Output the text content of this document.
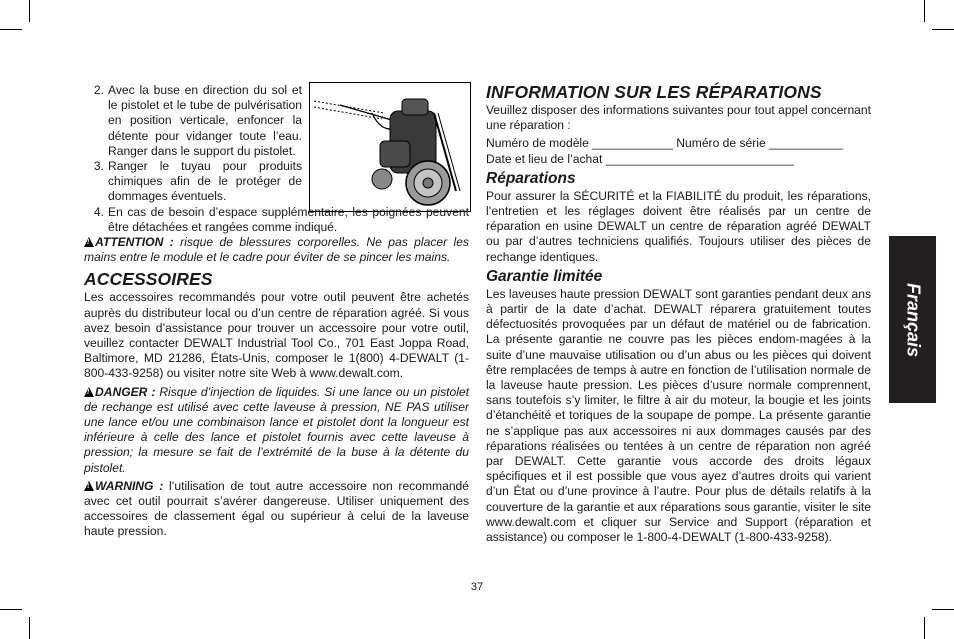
2. Avec la buse en direction du sol et le pistolet et le tube de pulvérisation en position verticale, enfoncer la détente pour vidanger toute l’eau. Ranger dans le support du pistolet.
3. Ranger le tuyau pour produits chimiques afin de le protéger de dommages éventuels.
4. En cas de besoin d’espace supplémentaire, les poignées peuvent être détachées et rangées comme indiqué.

!ATTENTION : risque de blessures corporelles. Ne pas placer les mains entre le module et le cadre pour éviter de se pincer les mains.

ACCESSOIRES

Les accessoires recommandés pour votre outil peuvent être achetés auprès du distributeur local ou d’un centre de réparation agréé. Si vous avez besoin d’assistance pour trouver un accessoire pour votre outil, veuillez contacter DEWALT Industrial Tool Co., 701 East Joppa Road, Baltimore, MD 21286, États-Unis, composer le 1(800) 4-DEWALT (1-800-433-9258) ou visiter notre site Web à www.dewalt.com.

!DANGER : Risque d’injection de liquides. Si une lance ou un pistolet de rechange est utilisé avec cette laveuse à pression, NE PAS utiliser une lance et/ou une combinaison lance et pistolet dont la longueur est inférieure à celle des lance et pistolet fournis avec cette laveuse à pression; la mesure se fait de l’extrémité de la buse à la détente du pistolet.

!WARNING : l’utilisation de tout autre accessoire non recommandé avec cet outil pourrait s’avérer dangereuse. Utiliser uniquement des accessoires de classement égal ou supérieur à celui de la laveuse haute pression.

INFORMATION SUR LES RÉPARATIONS

Veuillez disposer des informations suivantes pour tout appel concernant une réparation :

Numéro de modèle ____________ Numéro de série ___________

Date et lieu de l’achat ____________________________

Réparations

Pour assurer la SÉCURITÉ et la FIABILITÉ du produit, les réparations, l’entretien et les réglages doivent être réalisés par un centre de réparation en usine DEWALT un centre de réparation agréé DEWALT ou par d’autres techniciens qualifiés. Toujours utiliser des pièces de rechange identiques.

Garantie limitée

Les laveuses haute pression DEWALT sont garanties pendant deux ans à partir de la date d’achat. DEWALT réparera gratuitement toutes défectuosités provoquées par un défaut de matériel ou de fabrication. La présente garantie ne couvre pas les pièces endom-magées à la suite d’une mauvaise utilisation ou d’un abus ou les pièces qui doivent être remplacées de temps à autre en fonction de l’utilisation normale de la laveuse haute pression. Les pièces d’usure normale comprennent, sans toutefois s’y limiter, le filtre à air du moteur, la bougie et les joints d’étanchéité et toriques de la soupape de pompe. La présente garantie ne s’applique pas aux accessoires ni aux dommages causés par des réparations réalisées ou tentées à un centre de réparation non agréé par DEWALT. Cette garantie vous accorde des droits légaux spécifiques et il est possible que vous ayez d’autres droits qui varient d’un État ou d’une province à l’autre. Pour plus de détails relatifs à la couverture de la garantie et aux réparations sous garantie, visiter le site www.dewalt.com et cliquer sur Service and Support (réparation et assistance) ou composer le 1-800-4-DEWALT (1-800-433-9258).

Français
37
